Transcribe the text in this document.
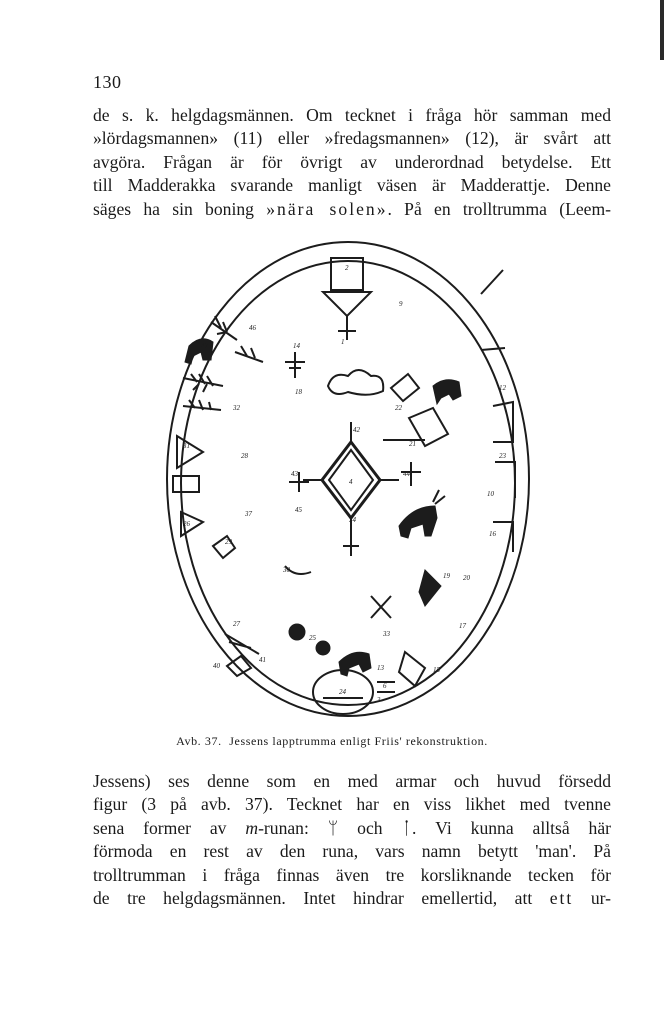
130
de s. k. helgdagsmännen. Om tecknet i fråga hör samman med
»lördagsmannen» (11) eller »fredagsmannen» (12), är svårt att
avgöra. Frågan är för övrigt av underordnad betydelse. Ett
till Madderakka svarande manligt väsen är Madderattje. Denne
säges ha sin boning »nära solen». På en trolltrumma (Leem-
2
1
4
18
22
21
43	44
42
45
30
27
24
17
23
12
31
26
32
29
28
46
47
9
10
25
13
16
15
14
19 20
33
34
37
40
41
6
3
Avb. 37. Jessens lapptrumma enligt Friis' rekonstruktion.
Jessens) ses denne som en med armar och huvud försedd
figur (3 på avb. 37). Tecknet har en viss likhet med tvenne
sena former av m-runan: ᛘ och ᛙ. Vi kunna alltså här
förmoda en rest av den runa, vars namn betytt 'man'. På
trolltrumman i fråga finnas även tre korsliknande tecken för
de tre helgdagsmännen. Intet hindrar emellertid, att ett ur-
